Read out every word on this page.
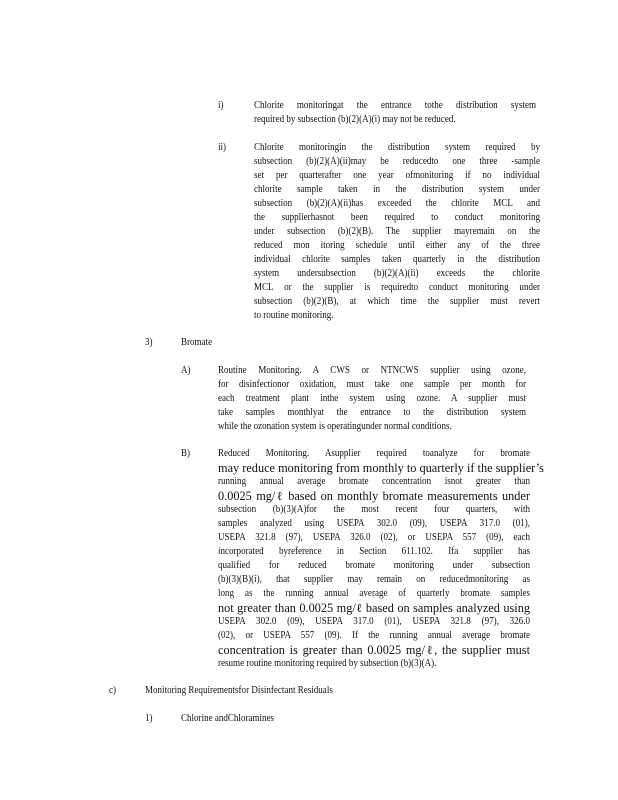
i)	Chlorite monitoringat the entrance tothe distribution system
required by subsection (b)(2)(A)(i) may not be reduced.
ii)	Chlorite monitoringin the distribution system required by
subsection (b)(2)(A)(ii)may be reducedto one three -sample
set per quarterafter one year ofmonitoring if no individual
chlorite sample taken in the distribution system under
subsection (b)(2)(A)(ii)has exceeded the chlorite MCL and
the supplierhasnot been required to conduct monitoring
under subsection (b)(2)(B). The supplier mayremain on the
reduced mon itoring schedule until either any of the three
individual chlorite samples taken quarterly in the distribution
system undersubsection (b)(2)(A)(ii) exceeds the chlorite
MCL or the supplier is requiredto conduct monitoring under
subsection (b)(2)(B), at which time the supplier must revert
to routine monitoring.
3)	Bromate
A)	Routine Monitoring. A CWS or NTNCWS supplier using ozone,
for disinfectionor oxidation, must take one sample per month for
each treatment plant inthe system using ozone. A supplier must
take samples monthlyat the entrance to the distribution system
while the ozonation system is operatingunder normal conditions.
B)	Reduced Monitoring. Asupplier required toanalyze for bromate
may reduce monitoring from monthly to quarterly if the supplier’s
running annual average bromate concentration isnot greater than
0.0025 mg/ℓ based on monthly bromate measurements under
subsection (b)(3)(A)for the most recent four quarters, with
samples analyzed using USEPA 302.0 (09), USEPA 317.0 (01),
USEPA 321.8 (97), USEPA 326.0 (02), or USEPA 557 (09), each
incorporated byreference in Section 611.102. Ifa supplier has
qualified for reduced bromate monitoring under subsection
(b)(3)(B)(i), that supplier may remain on reducedmonitoring as
long as the running annual average of quarterly bromate samples
not greater than 0.0025 mg/ℓ based on samples analyzed using
USEPA 302.0 (09), USEPA 317.0 (01), USEPA 321.8 (97), 326.0
(02), or USEPA 557 (09). If the running annual average bromate
concentration is greater than 0.0025 mg/ℓ, the supplier must
resume routine monitoring required by subsection (b)(3)(A).
c)	Monitoring Requirementsfor Disinfectant Residuals
1)	Chlorine andChloramines
